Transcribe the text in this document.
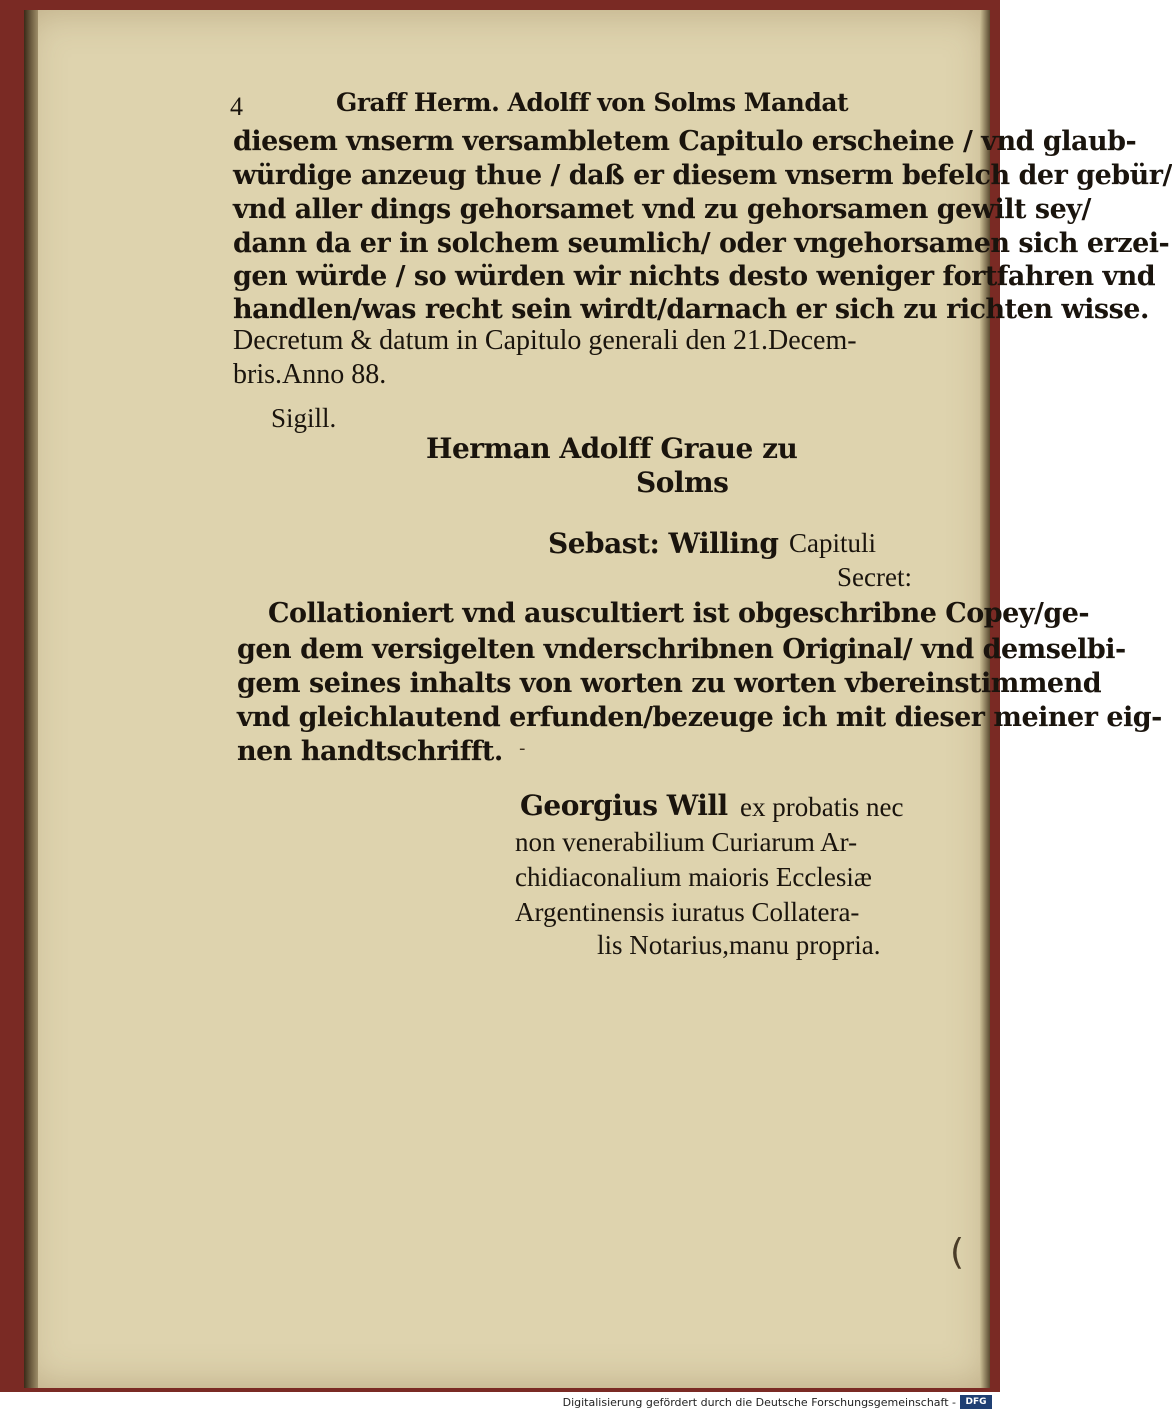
4	Graff Herm. Adolff von Solms Mandat
diesem vnserm versambletem Capitulo erscheine / vnd glaub-
würdige anzeug thue / daß er diesem vnserm befelch der gebür/
vnd aller dings gehorsamet vnd zu gehorsamen gewilt sey/
dann da er in solchem seumlich/ oder vngehorsamen sich erzei-
gen würde / so würden wir nichts desto weniger fortfahren vnd
handlen/was recht sein wirdt/darnach er sich zu richten wisse.
Decretum & datum in Capitulo generali den 21.Decem-
bris.Anno 88.
Sigill.
Herman Adolff Graue zu
Solms
Sebast: Willing Capituli
Secret:
Collationiert vnd auscultiert ist obgeschribne Copey/ge-
gen dem versigelten vnderschribnen Original/ vnd demselbi-
gem seines inhalts von worten zu worten vbereinstimmend
vnd gleichlautend erfunden/bezeuge ich mit dieser meiner eig-
nen handtschrifft. -
Georgius Will ex probatis nec
non venerabilium Curiarum Ar-
chidiaconalium maioris Ecclesiæ
Argentinensis iuratus Collatera-
lis Notarius,manu propria.
(
Digitalisierung gefördert durch die Deutsche Forschungsgemeinschaft -	DFG
